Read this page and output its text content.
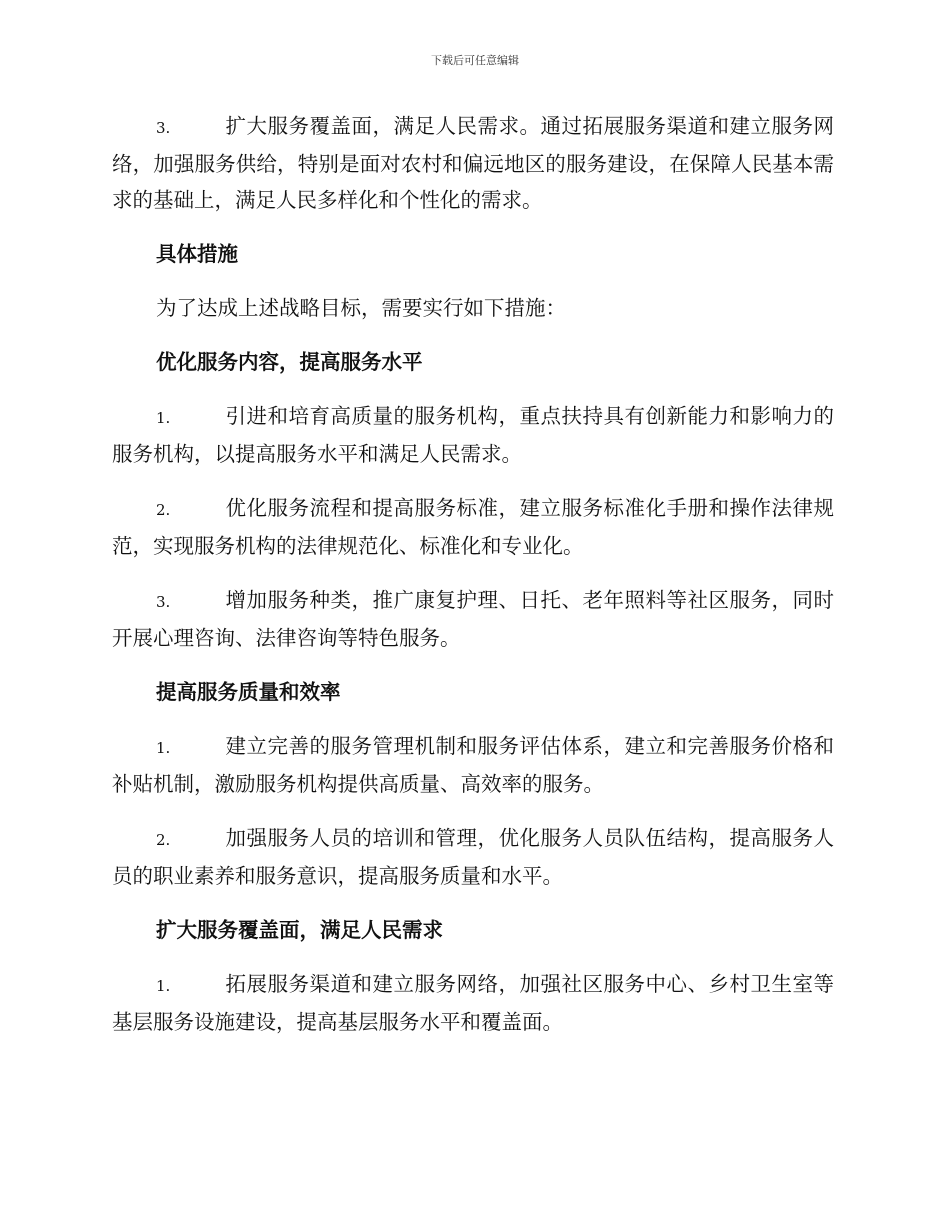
下载后可任意编辑

3.	扩大服务覆盖面，满足人民需求。通过拓展服务渠道和建立服务网络，加强服务供给，特别是面对农村和偏远地区的服务建设，在保障人民基本需求的基础上，满足人民多样化和个性化的需求。

具体措施

为了达成上述战略目标，需要实行如下措施：

优化服务内容，提高服务水平

1.	引进和培育高质量的服务机构，重点扶持具有创新能力和影响力的服务机构，以提高服务水平和满足人民需求。

2.	优化服务流程和提高服务标准，建立服务标准化手册和操作法律规范，实现服务机构的法律规范化、标准化和专业化。

3.	增加服务种类，推广康复护理、日托、老年照料等社区服务，同时开展心理咨询、法律咨询等特色服务。

提高服务质量和效率

1.	建立完善的服务管理机制和服务评估体系，建立和完善服务价格和补贴机制，激励服务机构提供高质量、高效率的服务。

2.	加强服务人员的培训和管理，优化服务人员队伍结构，提高服务人员的职业素养和服务意识，提高服务质量和水平。

扩大服务覆盖面，满足人民需求

1.	拓展服务渠道和建立服务网络，加强社区服务中心、乡村卫生室等基层服务设施建设，提高基层服务水平和覆盖面。
